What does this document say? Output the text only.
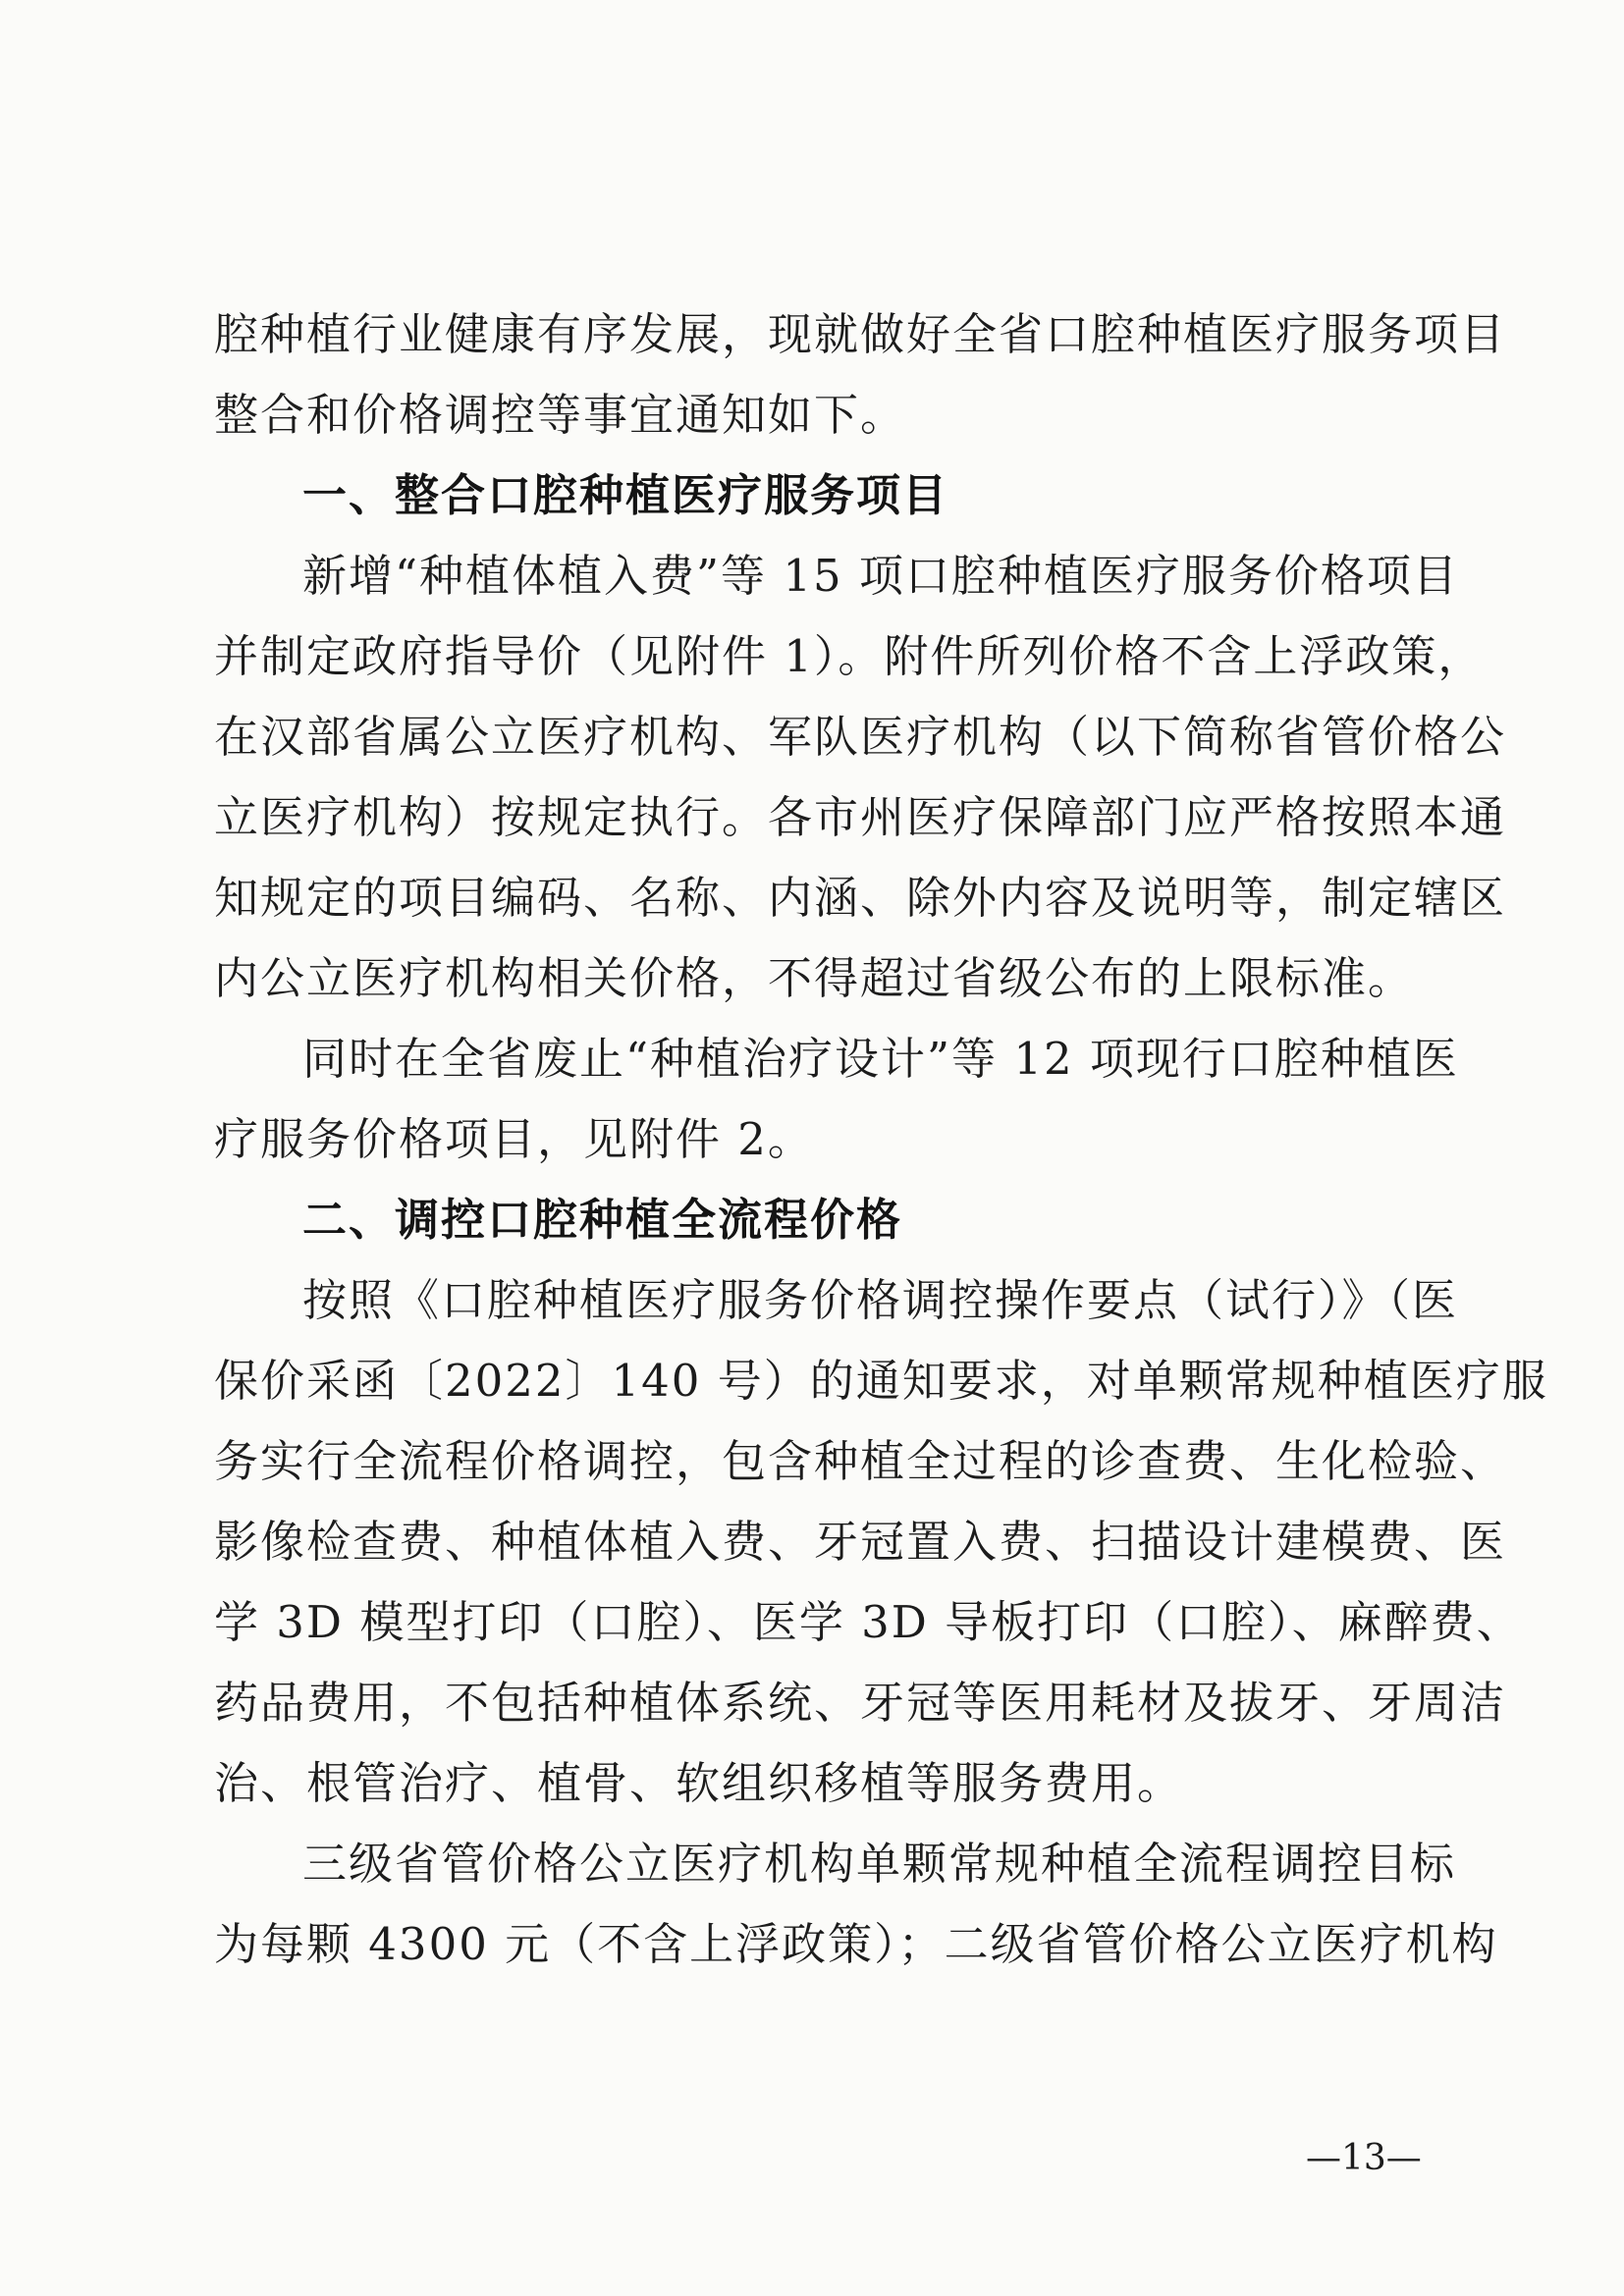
腔种植行业健康有序发展，现就做好全省口腔种植医疗服务项目
整合和价格调控等事宜通知如下。
一、整合口腔种植医疗服务项目
新增“种植体植入费”等 15 项口腔种植医疗服务价格项目
并制定政府指导价（见附件 1）。附件所列价格不含上浮政策，
在汉部省属公立医疗机构、军队医疗机构（以下简称省管价格公
立医疗机构）按规定执行。各市州医疗保障部门应严格按照本通
知规定的项目编码、名称、内涵、除外内容及说明等，制定辖区
内公立医疗机构相关价格，不得超过省级公布的上限标准。
同时在全省废止“种植治疗设计”等 12 项现行口腔种植医
疗服务价格项目，见附件 2。
二、调控口腔种植全流程价格
按照《口腔种植医疗服务价格调控操作要点（试行）》（医
保价采函〔2022〕140 号）的通知要求，对单颗常规种植医疗服
务实行全流程价格调控，包含种植全过程的诊查费、生化检验、
影像检查费、种植体植入费、牙冠置入费、扫描设计建模费、医
学 3D 模型打印（口腔）、医学 3D 导板打印（口腔）、麻醉费、
药品费用，不包括种植体系统、牙冠等医用耗材及拔牙、牙周洁
治、根管治疗、植骨、软组织移植等服务费用。
三级省管价格公立医疗机构单颗常规种植全流程调控目标
为每颗 4300 元（不含上浮政策）；二级省管价格公立医疗机构
—13—
